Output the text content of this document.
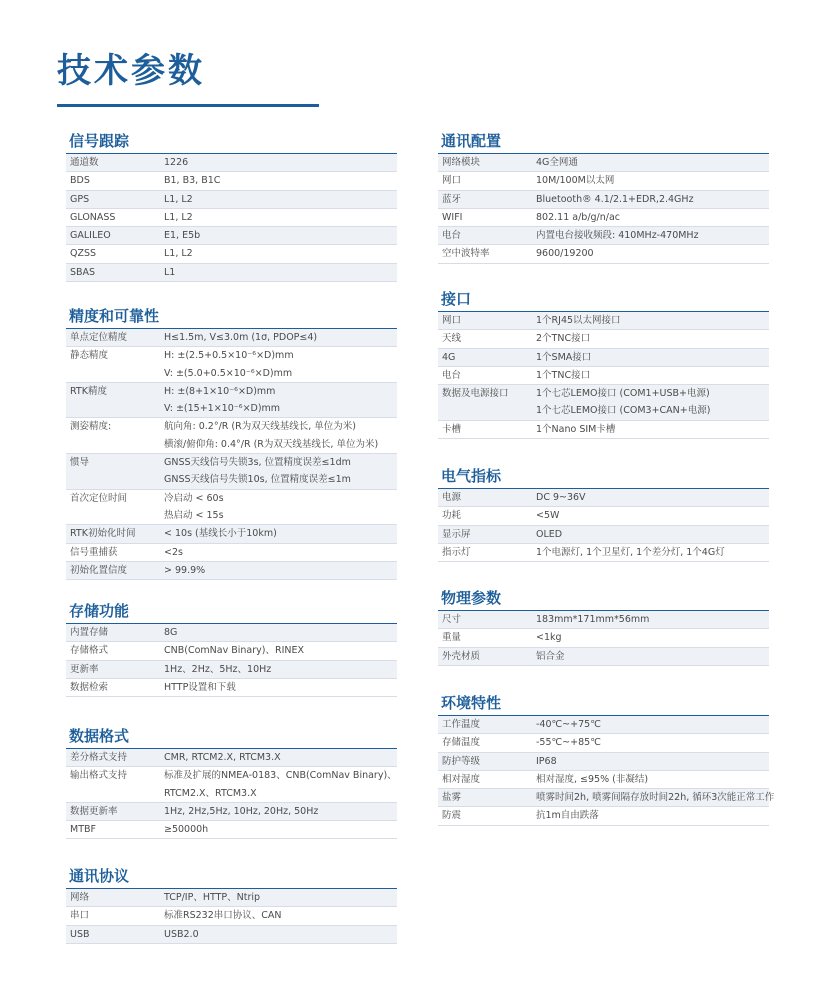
技术参数
信号跟踪
通道数	1226
BDS	B1, B3, B1C
GPS	L1, L2
GLONASS	L1, L2
GALILEO	E1, E5b
QZSS	L1, L2
SBAS	L1
精度和可靠性
单点定位精度	H≤1.5m, V≤3.0m (1σ, PDOP≤4)
静态精度	H: ±(2.5+0.5×10⁻⁶×D)mm
V: ±(5.0+0.5×10⁻⁶×D)mm
RTK精度	H: ±(8+1×10⁻⁶×D)mm
V: ±(15+1×10⁻⁶×D)mm
测姿精度:	航向角: 0.2°/R (R为双天线基线长, 单位为米)
横滚/俯仰角: 0.4°/R (R为双天线基线长, 单位为米)
惯导	GNSS天线信号失锁3s, 位置精度误差≤1dm
GNSS天线信号失锁10s, 位置精度误差≤1m
首次定位时间	冷启动 < 60s
热启动 < 15s
RTK初始化时间	< 10s (基线长小于10km)
信号重捕获	<2s
初始化置信度	> 99.9%
存储功能
内置存储	8G
存储格式	CNB(ComNav Binary)、RINEX
更新率	1Hz、2Hz、5Hz、10Hz
数据检索	HTTP设置和下载
数据格式
差分格式支持	CMR, RTCM2.X, RTCM3.X
输出格式支持	标准及扩展的NMEA-0183、CNB(ComNav Binary)、
RTCM2.X、RTCM3.X
数据更新率	1Hz, 2Hz,5Hz, 10Hz, 20Hz, 50Hz
MTBF	≥50000h
通讯协议
网络	TCP/IP、HTTP、Ntrip
串口	标准RS232串口协议、CAN
USB	USB2.0
通讯配置
网络模块	4G全网通
网口	10M/100M以太网
蓝牙	Bluetooth® 4.1/2.1+EDR,2.4GHz
WIFI	802.11 a/b/g/n/ac
电台	内置电台接收频段: 410MHz-470MHz
空中波特率	9600/19200
接口
网口	1个RJ45以太网接口
天线	2个TNC接口
4G	1个SMA接口
电台	1个TNC接口
数据及电源接口	1个七芯LEMO接口 (COM1+USB+电源)
1个七芯LEMO接口 (COM3+CAN+电源)
卡槽	1个Nano SIM卡槽
电气指标
电源	DC 9~36V
功耗	<5W
显示屏	OLED
指示灯	1个电源灯, 1个卫星灯, 1个差分灯, 1个4G灯
物理参数
尺寸	183mm*171mm*56mm
重量	<1kg
外壳材质	铝合金
环境特性
工作温度	-40℃~+75℃
存储温度	-55℃~+85℃
防护等级	IP68
相对湿度	相对湿度, ≤95% (非凝结)
盐雾	喷雾时间2h, 喷雾间隔存放时间22h, 循环3次能正常工作
防震	抗1m自由跌落
